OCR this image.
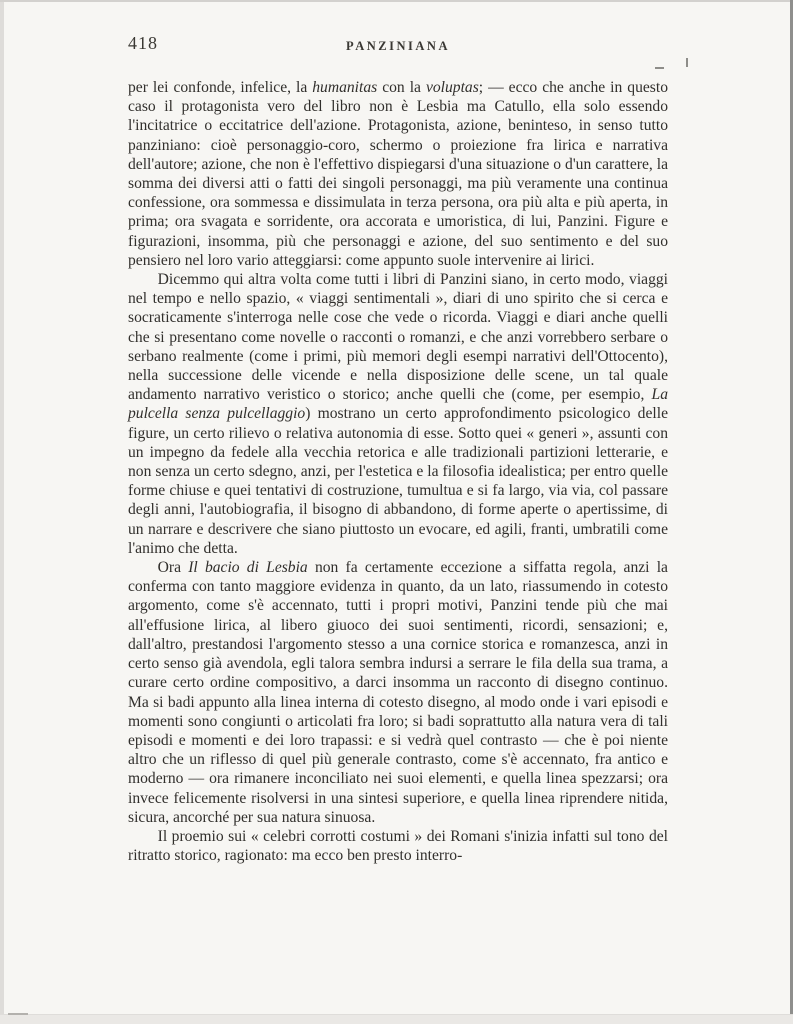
418	PANZINIANA

per lei confonde, infelice, la humanitas con la voluptas; — ecco che anche in questo caso il protagonista vero del libro non è Lesbia ma Catullo, ella solo essendo l'incitatrice o eccitatrice dell'azione. Protagonista, azione, beninteso, in senso tutto panziniano: cioè personaggio-coro, schermo o proiezione fra lirica e narrativa dell'autore; azione, che non è l'effettivo dispiegarsi d'una situazione o d'un carattere, la somma dei diversi atti o fatti dei singoli personaggi, ma più veramente una continua confessione, ora sommessa e dissimulata in terza persona, ora più alta e più aperta, in prima; ora svagata e sorridente, ora accorata e umoristica, di lui, Panzini. Figure e figurazioni, insomma, più che personaggi e azione, del suo sentimento e del suo pensiero nel loro vario atteggiarsi: come appunto suole intervenire ai lirici.

Dicemmo qui altra volta come tutti i libri di Panzini siano, in certo modo, viaggi nel tempo e nello spazio, « viaggi sentimentali », diari di uno spirito che si cerca e socraticamente s'interroga nelle cose che vede o ricorda. Viaggi e diari anche quelli che si presentano come novelle o racconti o romanzi, e che anzi vorrebbero serbare o serbano realmente (come i primi, più memori degli esempi narrativi dell'Ottocento), nella successione delle vicende e nella disposizione delle scene, un tal quale andamento narrativo veristico o storico; anche quelli che (come, per esempio, La pulcella senza pulcellaggio) mostrano un certo approfondimento psicologico delle figure, un certo rilievo o relativa autonomia di esse. Sotto quei « generi », assunti con un impegno da fedele alla vecchia retorica e alle tradizionali partizioni letterarie, e non senza un certo sdegno, anzi, per l'estetica e la filosofia idealistica; per entro quelle forme chiuse e quei tentativi di costruzione, tumultua e si fa largo, via via, col passare degli anni, l'autobiografia, il bisogno di abbandono, di forme aperte o apertissime, di un narrare e descrivere che siano piuttosto un evocare, ed agili, franti, umbratili come l'animo che detta.

Ora Il bacio di Lesbia non fa certamente eccezione a siffatta regola, anzi la conferma con tanto maggiore evidenza in quanto, da un lato, riassumendo in cotesto argomento, come s'è accennato, tutti i propri motivi, Panzini tende più che mai all'effusione lirica, al libero giuoco dei suoi sentimenti, ricordi, sensazioni; e, dall'altro, prestandosi l'argomento stesso a una cornice storica e romanzesca, anzi in certo senso già avendola, egli talora sembra indursi a serrare le fila della sua trama, a curare certo ordine compositivo, a darci insomma un racconto di disegno continuo. Ma si badi appunto alla linea interna di cotesto disegno, al modo onde i vari episodi e momenti sono congiunti o articolati fra loro; si badi soprattutto alla natura vera di tali episodi e momenti e dei loro trapassi: e si vedrà quel contrasto — che è poi niente altro che un riflesso di quel più generale contrasto, come s'è accennato, fra antico e moderno — ora rimanere inconciliato nei suoi elementi, e quella linea spezzarsi; ora invece felicemente risolversi in una sintesi superiore, e quella linea riprendere nitida, sicura, ancorché per sua natura sinuosa.

Il proemio sui « celebri corrotti costumi » dei Romani s'inizia infatti sul tono del ritratto storico, ragionato: ma ecco ben presto interro-
